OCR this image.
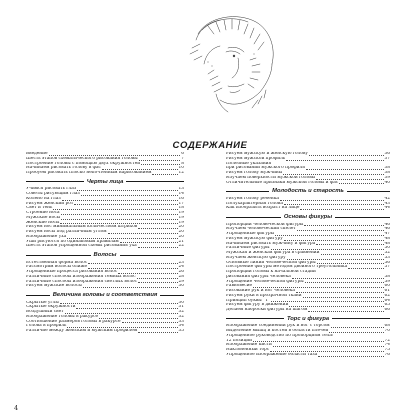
СОДЕРЖАНИЕ
Введение	6
Шесть этапов схематического рисования головы	7
Построение головы с помощью двух окружностей	8
Начинаем рисовать голову в фас	10
Пробуем рисовать плоско непочтенным нарисованием	12
Черты лица
Учимся рисовать глаз	13
Советы рисующим глаз	14
Колено на глаз	16
Рисуем женский рот	17
Свет и тень	18
Строение носа	19
Мужские носы	19
Женские носы	19
Рисуем нос минимальным количеством штрихов	20
Рисуем носы под различным углом	20
Изображение уха	20
Уши рисуются по одинаковым правилам	21
Шесть этапов упрощенной схемы рисования уха	22
Волосы
Естественная форма волос	23
Рассмотрим волосы ближе	24
Упрощенные процесса рисования волос	26
Различные способы изображения темных волос	28
Различные способы изображения светлых волос	29
Рисуем мужские волосы	30
Величина головы и соответствия
Скрытые углы	30
Скрытые окружности	31
Воздушный свет	32
Изображение головы в ракурсе	32
Соотношение размеров головы в ракурсе	33
Голова в профиль	34
Различие между женским и мужским профилем	35
Рисуем мужскую и женскую голову	36
Рисуем мужской профиль	37
Полезные указания
при рисовании мужского профиля	38
Рисуем голову мужчины	38
Изучаем поверхности мужской головы	39
Отличительные признаки мужской головы и фас	40
Молодость и старость
Рисуем голову ребенка	42
Полухарактерная голова	43
Как изобразить возраст на лице	44
Основы фигуры
Пропорции человеческой фигуры	46
Изучаем человеческий скелет	46
Упрощенные фигуры	47
Рисуем мужскую фигуру	48
Начинаем рисовать мужчину и фигура	48
Различные фигуры	50
Мужская и женская фигура в сравнении	52
Изучаем женскую фигуру	53
Основные линии человеческой фигуры	56
Построение фигуры методом двойного треугольника	57
Пропорции головы к начальной стадии
рисования фигуры человека	58
Упрощение человеческой фигуры	59
Равновесие	60
Рисование рук и ног человека	61
Рисуем руки в прозрачной ткани	62
Принцип буквы "Т"	64
Рисуем фигуру в движении	65
Делаем наброски фигуры на шагом	66
Торс и фигура
Изображение соединений рук и ног с торсом	68
Выделение мышц и костей в области плечей	70
Упрощенное руководство по пропорциям тела:
12 позиций	72
Изображение кисти	74
Наклоненный торс	75
Упрощенное изображение области таза	76
4
